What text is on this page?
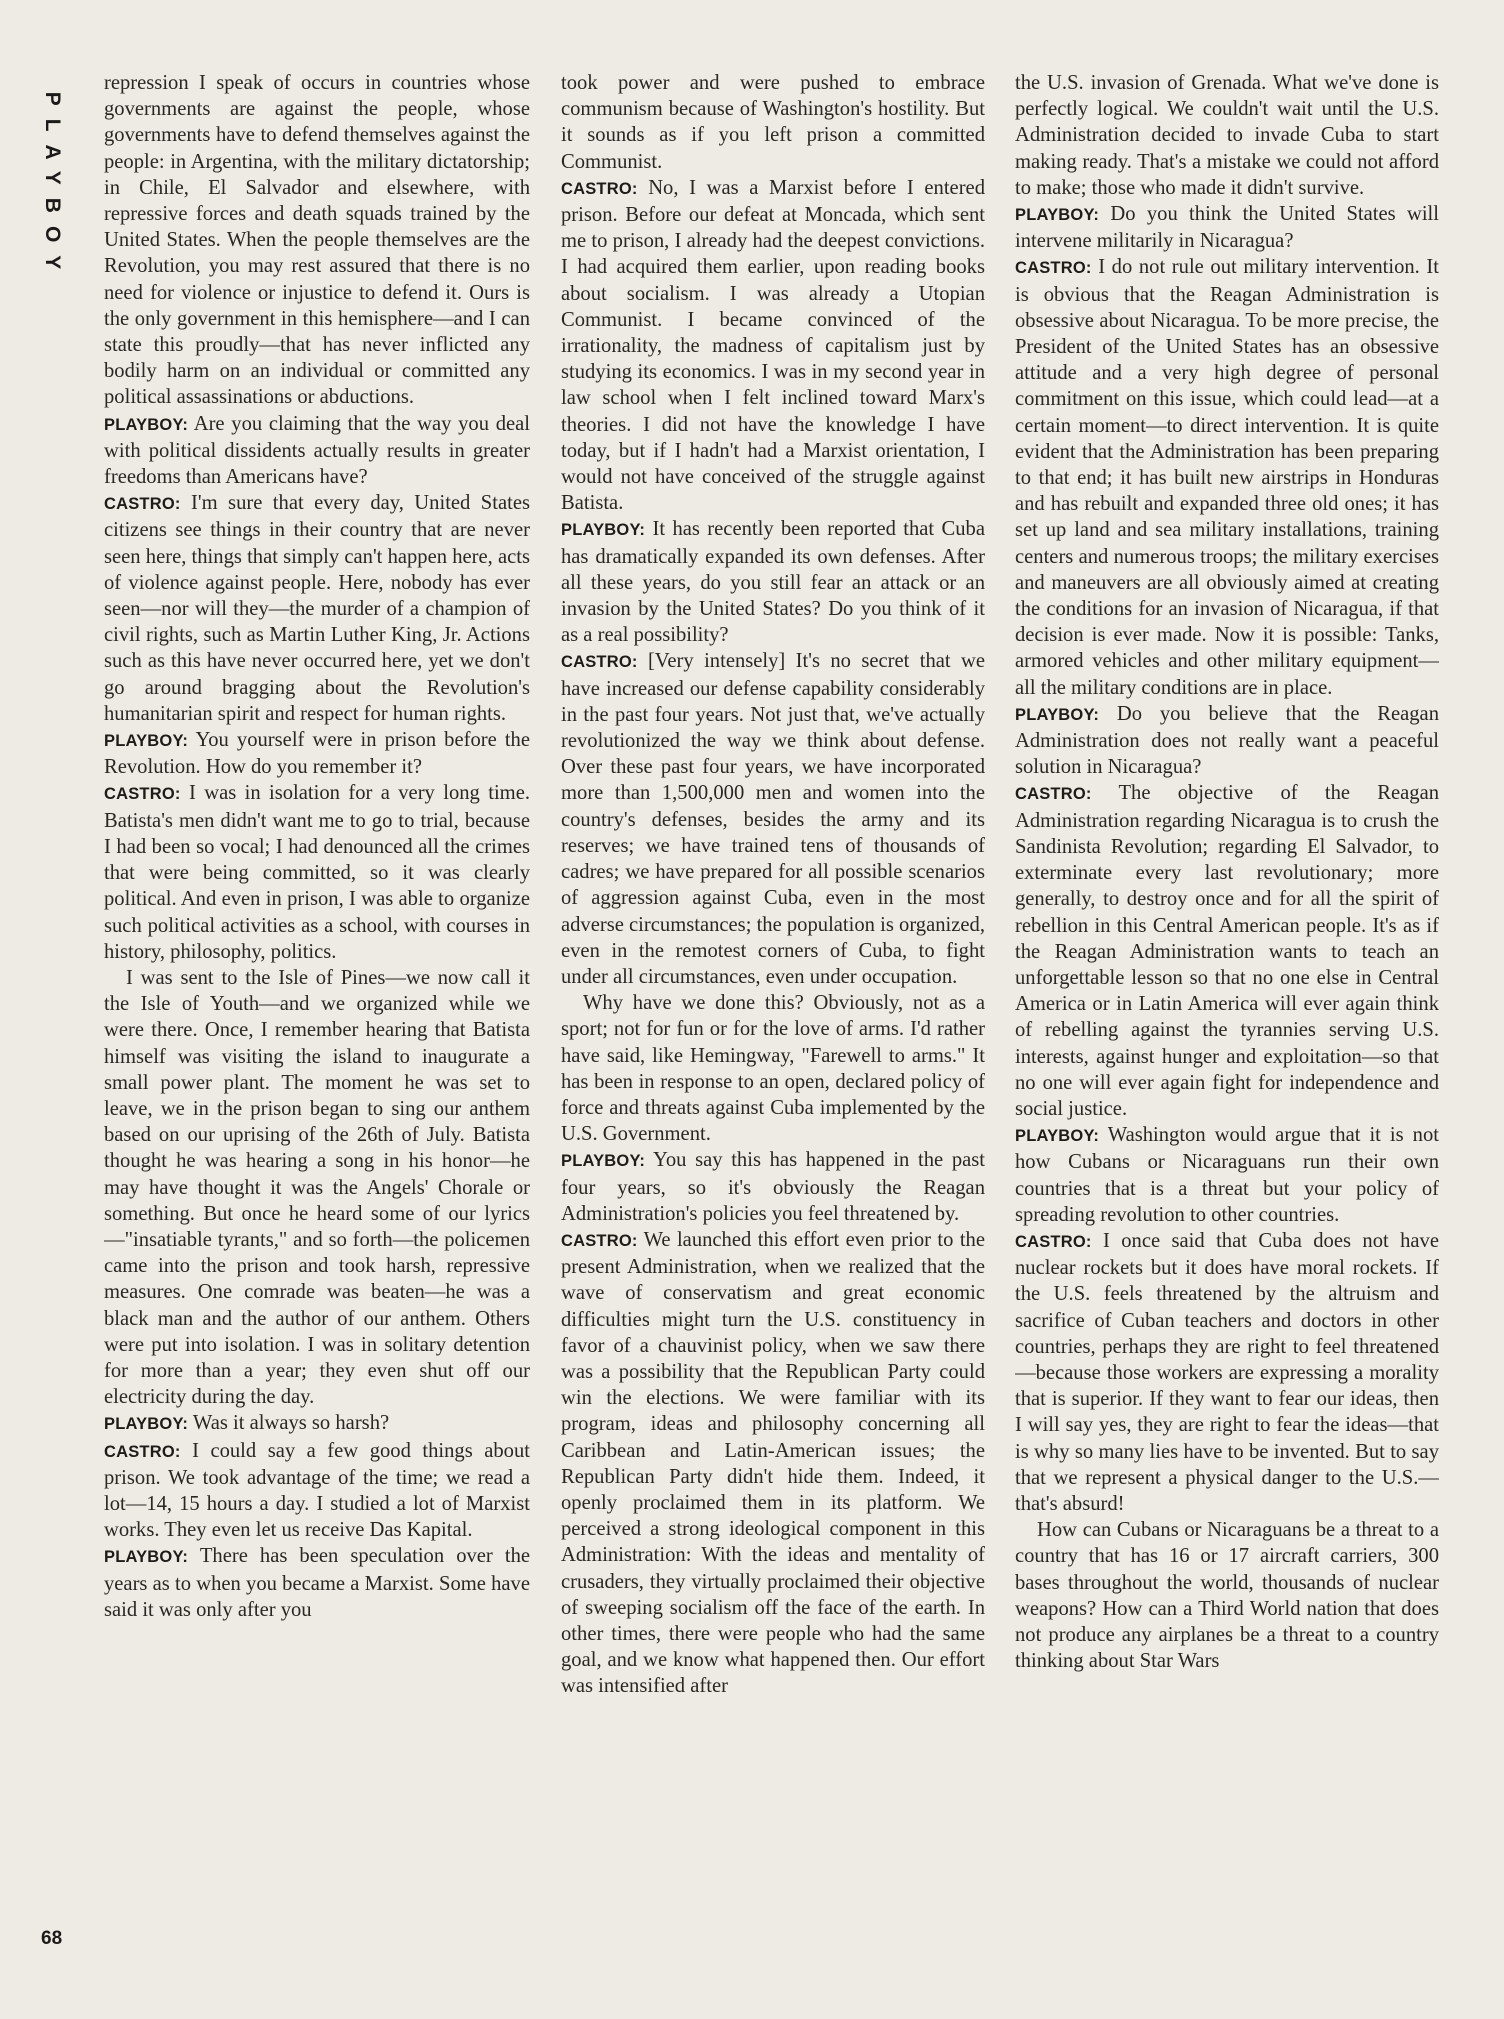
PLAYBOY

repression I speak of occurs in countries whose governments are against the people, whose governments have to defend themselves against the people: in Argentina, with the military dictatorship; in Chile, El Salvador and elsewhere, with repressive forces and death squads trained by the United States. When the people themselves are the Revolution, you may rest assured that there is no need for violence or injustice to defend it. Ours is the only government in this hemisphere—and I can state this proudly—that has never inflicted any bodily harm on an individual or committed any political assassinations or abductions.

PLAYBOY: Are you claiming that the way you deal with political dissidents actually results in greater freedoms than Americans have?

CASTRO: I'm sure that every day, United States citizens see things in their country that are never seen here, things that simply can't happen here, acts of violence against people. Here, nobody has ever seen—nor will they—the murder of a champion of civil rights, such as Martin Luther King, Jr. Actions such as this have never occurred here, yet we don't go around bragging about the Revolution's humanitarian spirit and respect for human rights.

PLAYBOY: You yourself were in prison before the Revolution. How do you remember it?

CASTRO: I was in isolation for a very long time. Batista's men didn't want me to go to trial, because I had been so vocal; I had denounced all the crimes that were being committed, so it was clearly political. And even in prison, I was able to organize such political activities as a school, with courses in history, philosophy, politics.

I was sent to the Isle of Pines—we now call it the Isle of Youth—and we organized while we were there. Once, I remember hearing that Batista himself was visiting the island to inaugurate a small power plant. The moment he was set to leave, we in the prison began to sing our anthem based on our uprising of the 26th of July. Batista thought he was hearing a song in his honor—he may have thought it was the Angels' Chorale or something. But once he heard some of our lyrics—"insatiable tyrants," and so forth—the policemen came into the prison and took harsh, repressive measures. One comrade was beaten—he was a black man and the author of our anthem. Others were put into isolation. I was in solitary detention for more than a year; they even shut off our electricity during the day.

PLAYBOY: Was it always so harsh?

CASTRO: I could say a few good things about prison. We took advantage of the time; we read a lot—14, 15 hours a day. I studied a lot of Marxist works. They even let us receive Das Kapital.

PLAYBOY: There has been speculation over the years as to when you became a Marxist. Some have said it was only after you

took power and were pushed to embrace communism because of Washington's hostility. But it sounds as if you left prison a committed Communist.

CASTRO: No, I was a Marxist before I entered prison. Before our defeat at Moncada, which sent me to prison, I already had the deepest convictions. I had acquired them earlier, upon reading books about socialism. I was already a Utopian Communist. I became convinced of the irrationality, the madness of capitalism just by studying its economics. I was in my second year in law school when I felt inclined toward Marx's theories. I did not have the knowledge I have today, but if I hadn't had a Marxist orientation, I would not have conceived of the struggle against Batista.

PLAYBOY: It has recently been reported that Cuba has dramatically expanded its own defenses. After all these years, do you still fear an attack or an invasion by the United States? Do you think of it as a real possibility?

CASTRO: [Very intensely] It's no secret that we have increased our defense capability considerably in the past four years. Not just that, we've actually revolutionized the way we think about defense. Over these past four years, we have incorporated more than 1,500,000 men and women into the country's defenses, besides the army and its reserves; we have trained tens of thousands of cadres; we have prepared for all possible scenarios of aggression against Cuba, even in the most adverse circumstances; the population is organized, even in the remotest corners of Cuba, to fight under all circumstances, even under occupation.

Why have we done this? Obviously, not as a sport; not for fun or for the love of arms. I'd rather have said, like Hemingway, "Farewell to arms." It has been in response to an open, declared policy of force and threats against Cuba implemented by the U.S. Government.

PLAYBOY: You say this has happened in the past four years, so it's obviously the Reagan Administration's policies you feel threatened by.

CASTRO: We launched this effort even prior to the present Administration, when we realized that the wave of conservatism and great economic difficulties might turn the U.S. constituency in favor of a chauvinist policy, when we saw there was a possibility that the Republican Party could win the elections. We were familiar with its program, ideas and philosophy concerning all Caribbean and Latin-American issues; the Republican Party didn't hide them. Indeed, it openly proclaimed them in its platform. We perceived a strong ideological component in this Administration: With the ideas and mentality of crusaders, they virtually proclaimed their objective of sweeping socialism off the face of the earth. In other times, there were people who had the same goal, and we know what happened then. Our effort was intensified after

the U.S. invasion of Grenada. What we've done is perfectly logical. We couldn't wait until the U.S. Administration decided to invade Cuba to start making ready. That's a mistake we could not afford to make; those who made it didn't survive.

PLAYBOY: Do you think the United States will intervene militarily in Nicaragua?

CASTRO: I do not rule out military intervention. It is obvious that the Reagan Administration is obsessive about Nicaragua. To be more precise, the President of the United States has an obsessive attitude and a very high degree of personal commitment on this issue, which could lead—at a certain moment—to direct intervention. It is quite evident that the Administration has been preparing to that end; it has built new airstrips in Honduras and has rebuilt and expanded three old ones; it has set up land and sea military installations, training centers and numerous troops; the military exercises and maneuvers are all obviously aimed at creating the conditions for an invasion of Nicaragua, if that decision is ever made. Now it is possible: Tanks, armored vehicles and other military equipment—all the military conditions are in place.

PLAYBOY: Do you believe that the Reagan Administration does not really want a peaceful solution in Nicaragua?

CASTRO: The objective of the Reagan Administration regarding Nicaragua is to crush the Sandinista Revolution; regarding El Salvador, to exterminate every last revolutionary; more generally, to destroy once and for all the spirit of rebellion in this Central American people. It's as if the Reagan Administration wants to teach an unforgettable lesson so that no one else in Central America or in Latin America will ever again think of rebelling against the tyrannies serving U.S. interests, against hunger and exploitation—so that no one will ever again fight for independence and social justice.

PLAYBOY: Washington would argue that it is not how Cubans or Nicaraguans run their own countries that is a threat but your policy of spreading revolution to other countries.

CASTRO: I once said that Cuba does not have nuclear rockets but it does have moral rockets. If the U.S. feels threatened by the altruism and sacrifice of Cuban teachers and doctors in other countries, perhaps they are right to feel threatened—because those workers are expressing a morality that is superior. If they want to fear our ideas, then I will say yes, they are right to fear the ideas—that is why so many lies have to be invented. But to say that we represent a physical danger to the U.S.—that's absurd!

How can Cubans or Nicaraguans be a threat to a country that has 16 or 17 aircraft carriers, 300 bases throughout the world, thousands of nuclear weapons? How can a Third World nation that does not produce any airplanes be a threat to a country thinking about Star Wars

68
